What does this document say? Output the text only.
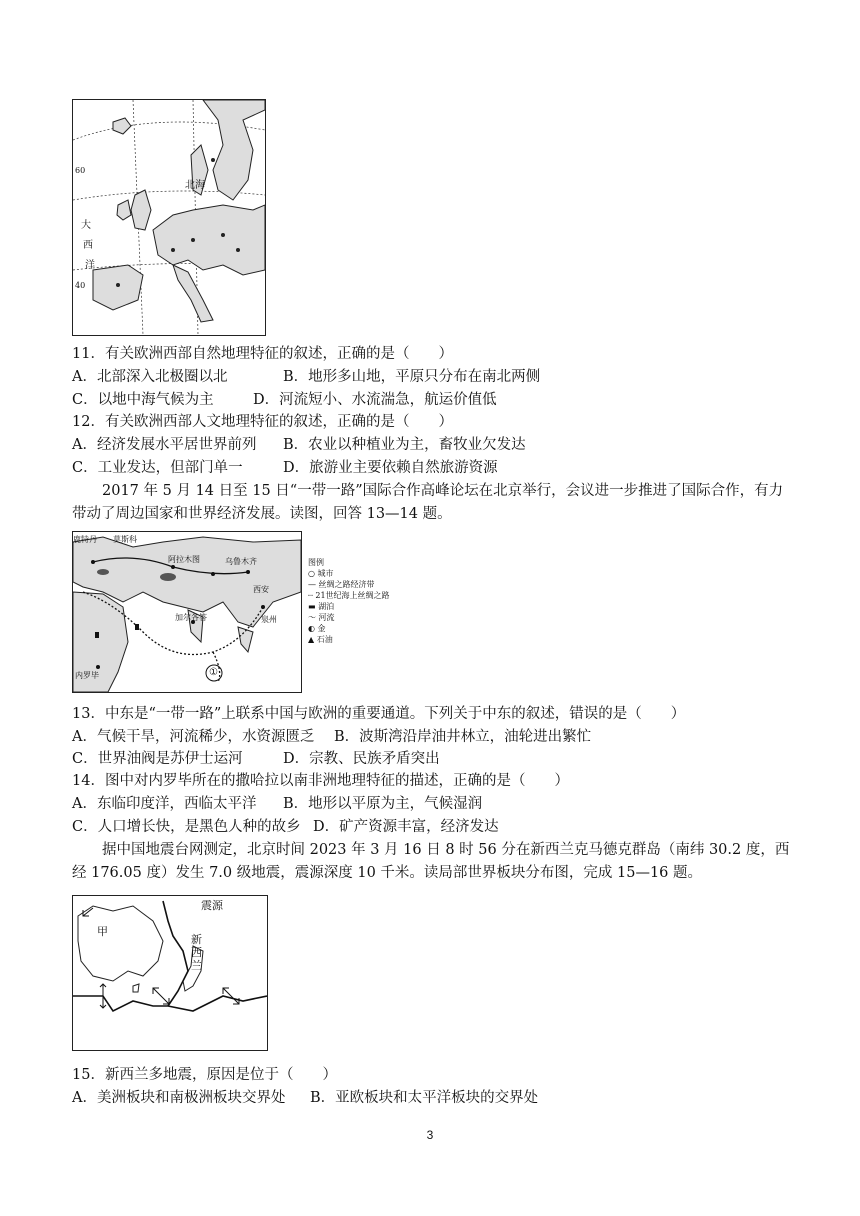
北海
大
西
洋
60
40
11．有关欧洲西部自然地理特征的叙述，正确的是（　　）
A．北部深入北极圈以北	B．地形多山地，平原只分布在南北两侧
C．以地中海气候为主	D．河流短小、水流湍急，航运价值低
12．有关欧洲西部人文地理特征的叙述，正确的是（　　）
A．经济发展水平居世界前列 B．农业以种植业为主，畜牧业欠发达
C．工业发达，但部门单一	D．旅游业主要依赖自然旅游资源
2017 年 5 月 14 日至 15 日“一带一路”国际合作高峰论坛在北京举行，会议进一步推进了国际合作，有力带动了周边国家和世界经济发展。读图，回答 13—14 题。
鹿特丹 莫斯科
阿拉木图	乌鲁木齐
西安
泉州
加尔各答
内罗毕	①
图例
○ 城市
— 丝绸之路经济带
┈ 21世纪海上丝绸之路
▬ 湖泊
～ 河流
◐ 金
▲ 石油
13．中东是“一带一路”上联系中国与欧洲的重要通道。下列关于中东的叙述，错误的是（　　）
A．气候干旱，河流稀少，水资源匮乏 B．波斯湾沿岸油井林立，油轮进出繁忙
C．世界油阀是苏伊士运河	D．宗教、民族矛盾突出
14．图中对内罗毕所在的撒哈拉以南非洲地理特征的描述，正确的是（　　）
A．东临印度洋，西临太平洋 B．地形以平原为主，气候湿润
C．人口增长快，是黑色人种的故乡 D．矿产资源丰富，经济发达
据中国地震台网测定，北京时间 2023 年 3 月 16 日 8 时 56 分在新西兰克马德克群岛（南纬 30.2 度，西经 176.05 度）发生 7.0 级地震，震源深度 10 千米。读局部世界板块分布图，完成 15—16 题。
震源
甲
新
西
兰
15．新西兰多地震，原因是位于（　　）
A．美洲板块和南极洲板块交界处 B．亚欧板块和太平洋板块的交界处
3
